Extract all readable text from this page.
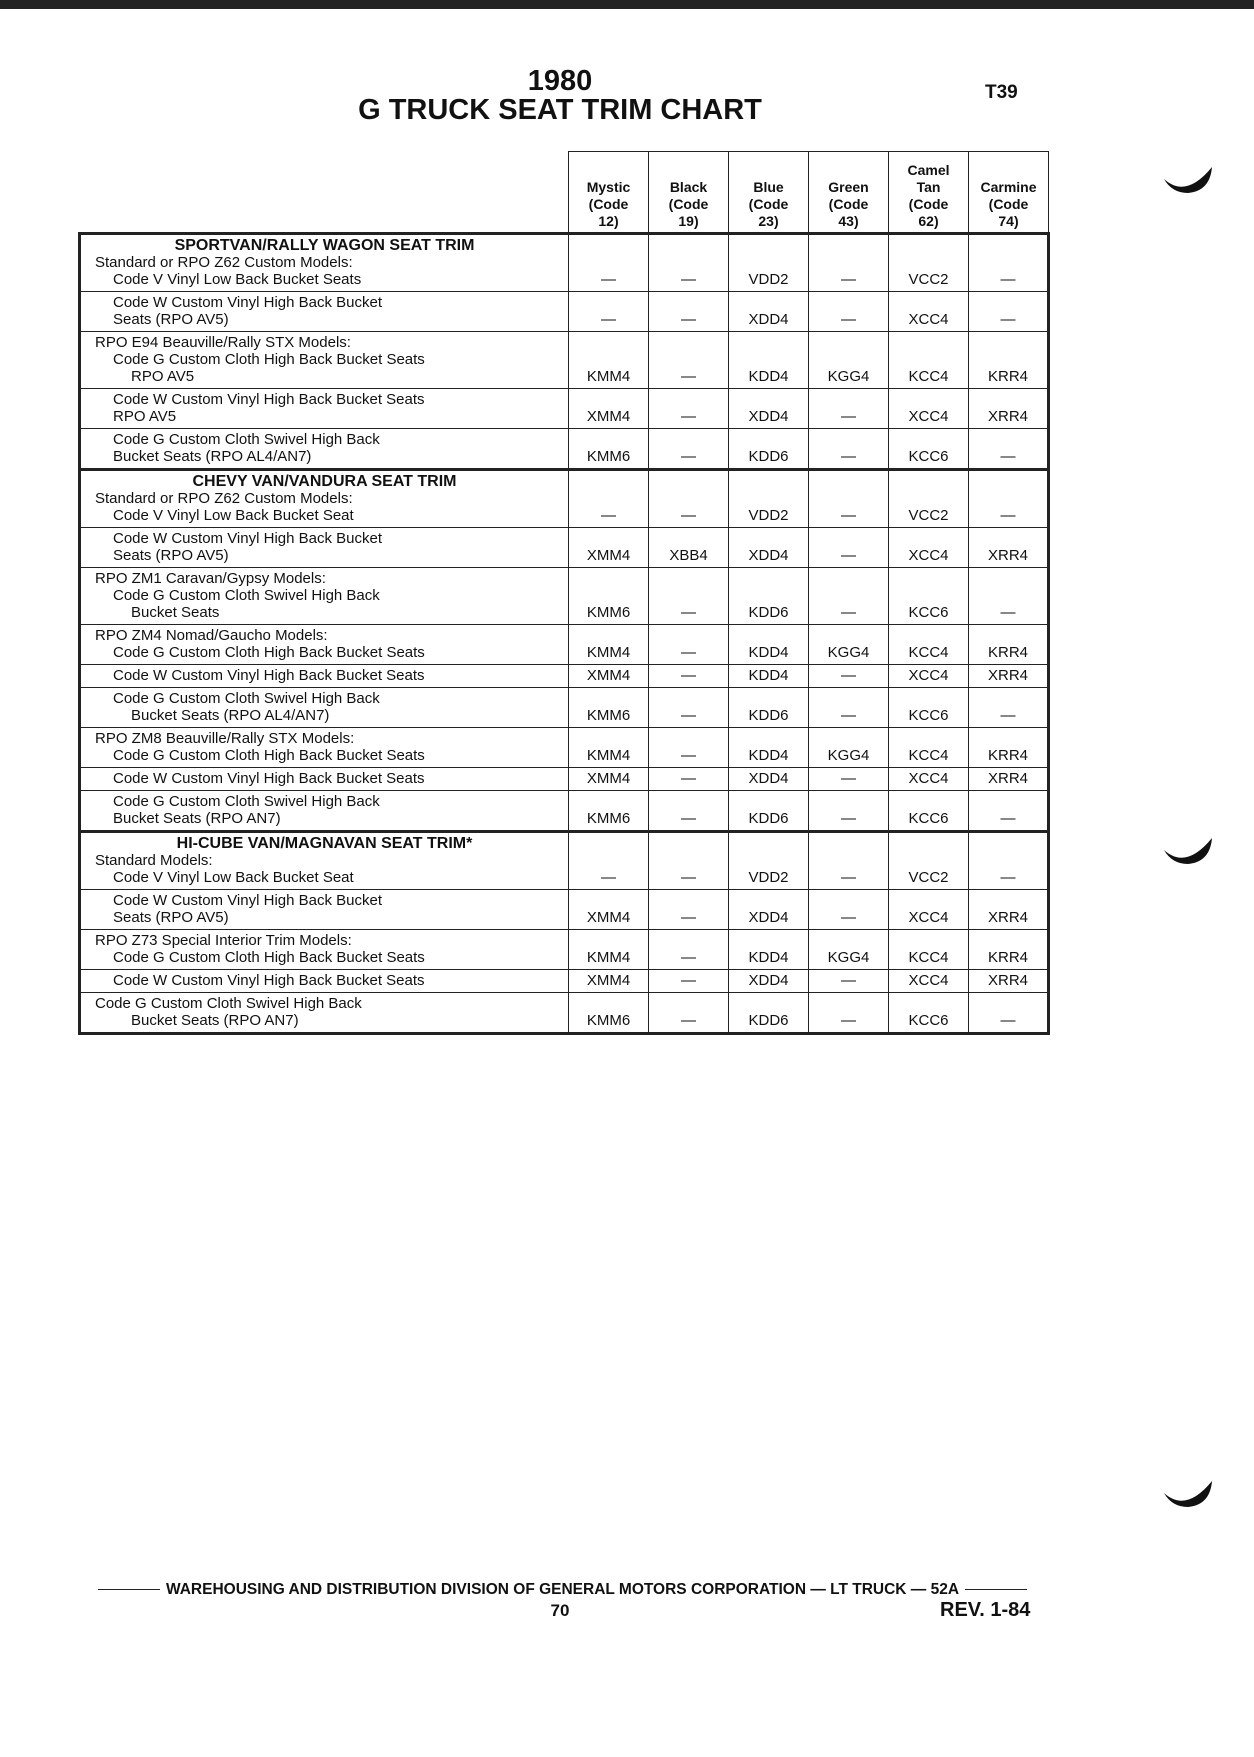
1980
G TRUCK SEAT TRIM CHART
T39

	Mystic
(Code
12)	Black
(Code
19)	Blue
(Code
23)	Green
(Code
43)	Camel
Tan
(Code
62)	Carmine
(Code
74)

SPORTVAN/RALLY WAGON SEAT TRIM
Standard or RPO Z62 Custom Models:
Code V Vinyl Low Back Bucket Seats	—	—	VDD2	—	VCC2	—

Code W Custom Vinyl High Back Bucket
Seats (RPO AV5)	—	—	XDD4	—	XCC4	—

RPO E94 Beauville/Rally STX Models:
Code G Custom Cloth High Back Bucket Seats
RPO AV5	KMM4	—	KDD4	KGG4	KCC4	KRR4

Code W Custom Vinyl High Back Bucket Seats
RPO AV5	XMM4	—	XDD4	—	XCC4	XRR4

Code G Custom Cloth Swivel High Back
Bucket Seats (RPO AL4/AN7)	KMM6	—	KDD6	—	KCC6	—

CHEVY VAN/VANDURA SEAT TRIM
Standard or RPO Z62 Custom Models:
Code V Vinyl Low Back Bucket Seat	—	—	VDD2	—	VCC2	—

Code W Custom Vinyl High Back Bucket
Seats (RPO AV5)	XMM4	XBB4	XDD4	—	XCC4	XRR4

RPO ZM1 Caravan/Gypsy Models:
Code G Custom Cloth Swivel High Back
Bucket Seats	KMM6	—	KDD6	—	KCC6	—

RPO ZM4 Nomad/Gaucho Models:
Code G Custom Cloth High Back Bucket Seats	KMM4	—	KDD4	KGG4	KCC4	KRR4

Code W Custom Vinyl High Back Bucket Seats	XMM4	—	KDD4	—	XCC4	XRR4

Code G Custom Cloth Swivel High Back
Bucket Seats (RPO AL4/AN7)	KMM6	—	KDD6	—	KCC6	—

RPO ZM8 Beauville/Rally STX Models:
Code G Custom Cloth High Back Bucket Seats	KMM4	—	KDD4	KGG4	KCC4	KRR4

Code W Custom Vinyl High Back Bucket Seats	XMM4	—	XDD4	—	XCC4	XRR4

Code G Custom Cloth Swivel High Back
Bucket Seats (RPO AN7)	KMM6	—	KDD6	—	KCC6	—

HI-CUBE VAN/MAGNAVAN SEAT TRIM*
Standard Models:
Code V Vinyl Low Back Bucket Seat	—	—	VDD2	—	VCC2	—

Code W Custom Vinyl High Back Bucket
Seats (RPO AV5)	XMM4	—	XDD4	—	XCC4	XRR4

RPO Z73 Special Interior Trim Models:
Code G Custom Cloth High Back Bucket Seats	KMM4	—	KDD4	KGG4	KCC4	KRR4

Code W Custom Vinyl High Back Bucket Seats	XMM4	—	XDD4	—	XCC4	XRR4

Code G Custom Cloth Swivel High Back
Bucket Seats (RPO AN7)	KMM6	—	KDD6	—	KCC6	—
WAREHOUSING AND DISTRIBUTION DIVISION OF GENERAL MOTORS CORPORATION — LT TRUCK — 52A
70	REV. 1-84
